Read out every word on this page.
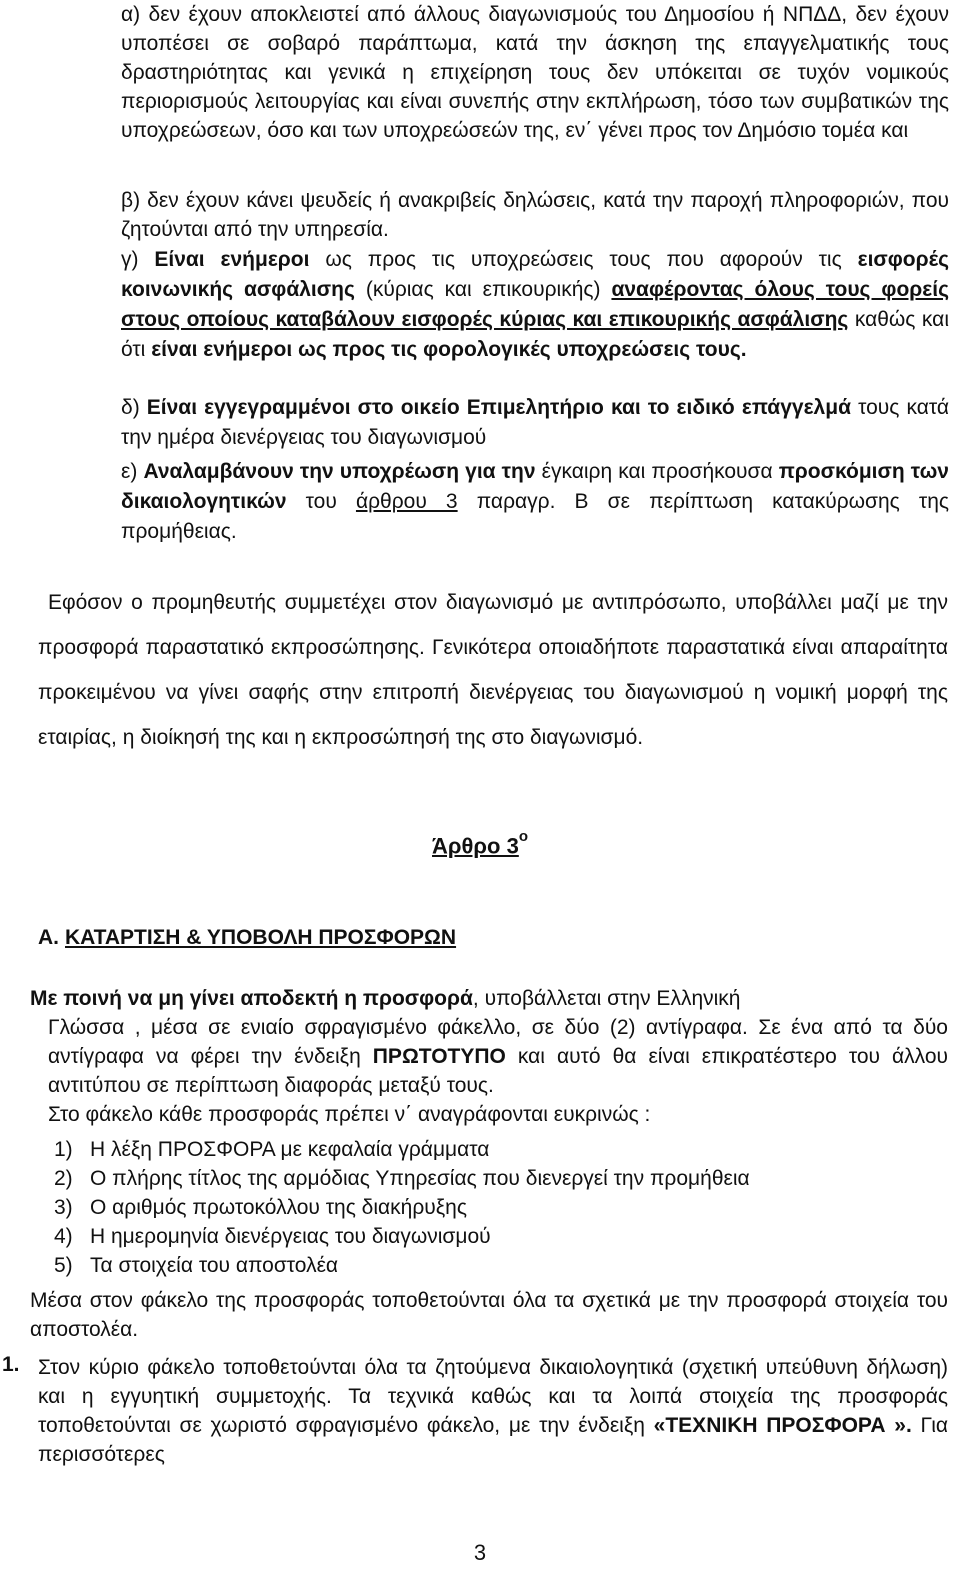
α) δεν έχουν αποκλειστεί από άλλους διαγωνισμούς του Δημοσίου ή ΝΠΔΔ, δεν έχουν υποπέσει σε σοβαρό παράπτωμα, κατά την άσκηση της επαγγελματικής τους δραστηριότητας και γενικά η επιχείρηση τους δεν υπόκειται σε τυχόν νομικούς περιορισμούς λειτουργίας και είναι συνεπής στην εκπλήρωση, τόσο των συμβατικών της υποχρεώσεων, όσο και των υποχρεώσεών της, εν΄ γένει προς τον Δημόσιο τομέα και

β) δεν έχουν κάνει ψευδείς ή ανακριβείς δηλώσεις, κατά την παροχή πληροφοριών, που ζητούνται από την υπηρεσία.

γ) Είναι ενήμεροι ως προς τις υποχρεώσεις τους που αφορούν τις εισφορές κοινωνικής ασφάλισης (κύριας και επικουρικής) αναφέροντας όλους τους φορείς στους οποίους καταβάλουν εισφορές κύριας και επικουρικής ασφάλισης καθώς και ότι είναι ενήμεροι ως προς τις φορολογικές υποχρεώσεις τους.

δ) Είναι εγγεγραμμένοι στο οικείο Επιμελητήριο και το ειδικό επάγγελμά τους κατά την ημέρα διενέργειας του διαγωνισμού

ε) Αναλαμβάνουν την υποχρέωση για την έγκαιρη και προσήκουσα προσκόμιση των δικαιολογητικών του άρθρου 3 παραγρ. Β σε περίπτωση κατακύρωσης της προμήθειας.

Εφόσον ο προμηθευτής συμμετέχει στον διαγωνισμό με αντιπρόσωπο, υποβάλλει μαζί με την προσφορά παραστατικό εκπροσώπησης. Γενικότερα οποιαδήποτε παραστατικά είναι απαραίτητα προκειμένου να γίνει σαφής στην επιτροπή διενέργειας του διαγωνισμού η νομική μορφή της εταιρίας, η διοίκησή της και η εκπροσώπησή της στο διαγωνισμό.

Άρθρο $3^o$
Α. ΚΑΤΑΡΤΙΣΗ & ΥΠΟΒΟΛΗ ΠΡΟΣΦΟΡΩΝ

Με ποινή να μη γίνει αποδεκτή η προσφορά, υποβάλλεται στην Ελληνική
Γλώσσα , μέσα σε ενιαίο σφραγισμένο φάκελλο, σε δύο (2) αντίγραφα. Σε ένα από τα δύο αντίγραφα να φέρει την ένδειξη ΠΡΩΤΟΤΥΠΟ και αυτό θα είναι επικρατέστερο του άλλου αντιτύπου σε περίπτωση διαφοράς μεταξύ τους.
Στο φάκελο κάθε προσφοράς πρέπει ν΄ αναγράφονται ευκρινώς :

1) Η λέξη ΠΡΟΣΦΟΡΑ με κεφαλαία γράμματα
2) Ο πλήρης τίτλος της αρμόδιας Υπηρεσίας που διενεργεί την προμήθεια
3) Ο αριθμός πρωτοκόλλου της διακήρυξης
4) Η ημερομηνία διενέργειας του διαγωνισμού
5) Τα στοιχεία του αποστολέα

Μέσα στον φάκελο της προσφοράς τοποθετούνται όλα τα σχετικά με την προσφορά στοιχεία του αποστολέα.

1. Στον κύριο φάκελο τοποθετούνται όλα τα ζητούμενα δικαιολογητικά (σχετική υπεύθυνη δήλωση) και η εγγυητική συμμετοχής. Τα τεχνικά καθώς και τα λοιπά στοιχεία της προσφοράς τοποθετούνται σε χωριστό σφραγισμένο φάκελο, με την ένδειξη «ΤΕΧΝΙΚΗ ΠΡΟΣΦΟΡΑ ». Για περισσότερες

3
